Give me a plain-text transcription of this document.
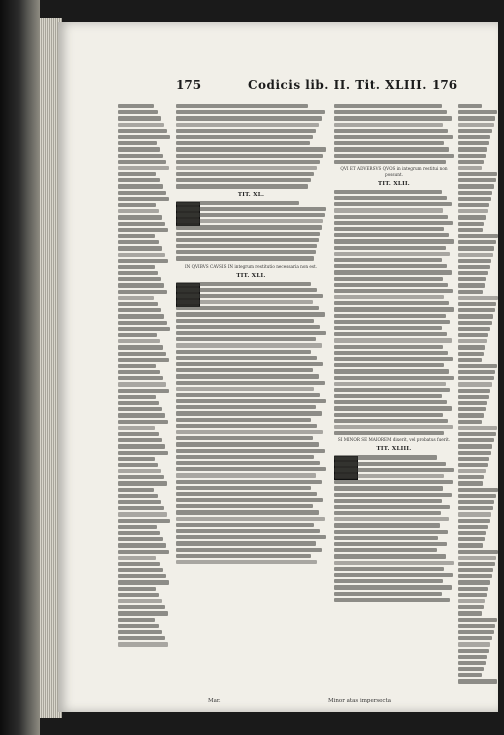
175	Codicis lib. II. Tit. XLIII. 176
TIT. XL.
IN QVIBVS CAVSIS IN integrum restitutio necessaria non est.
TIT. XLI.
QVI ET ADVERSVS QVOS in integrum restitui non possunt.
TIT. XLII.
SI MINOR SE MAIOREM dixerit, vel probatus fuerit.
TIT. XLIII.
Mar.	Minor atas impersecta
